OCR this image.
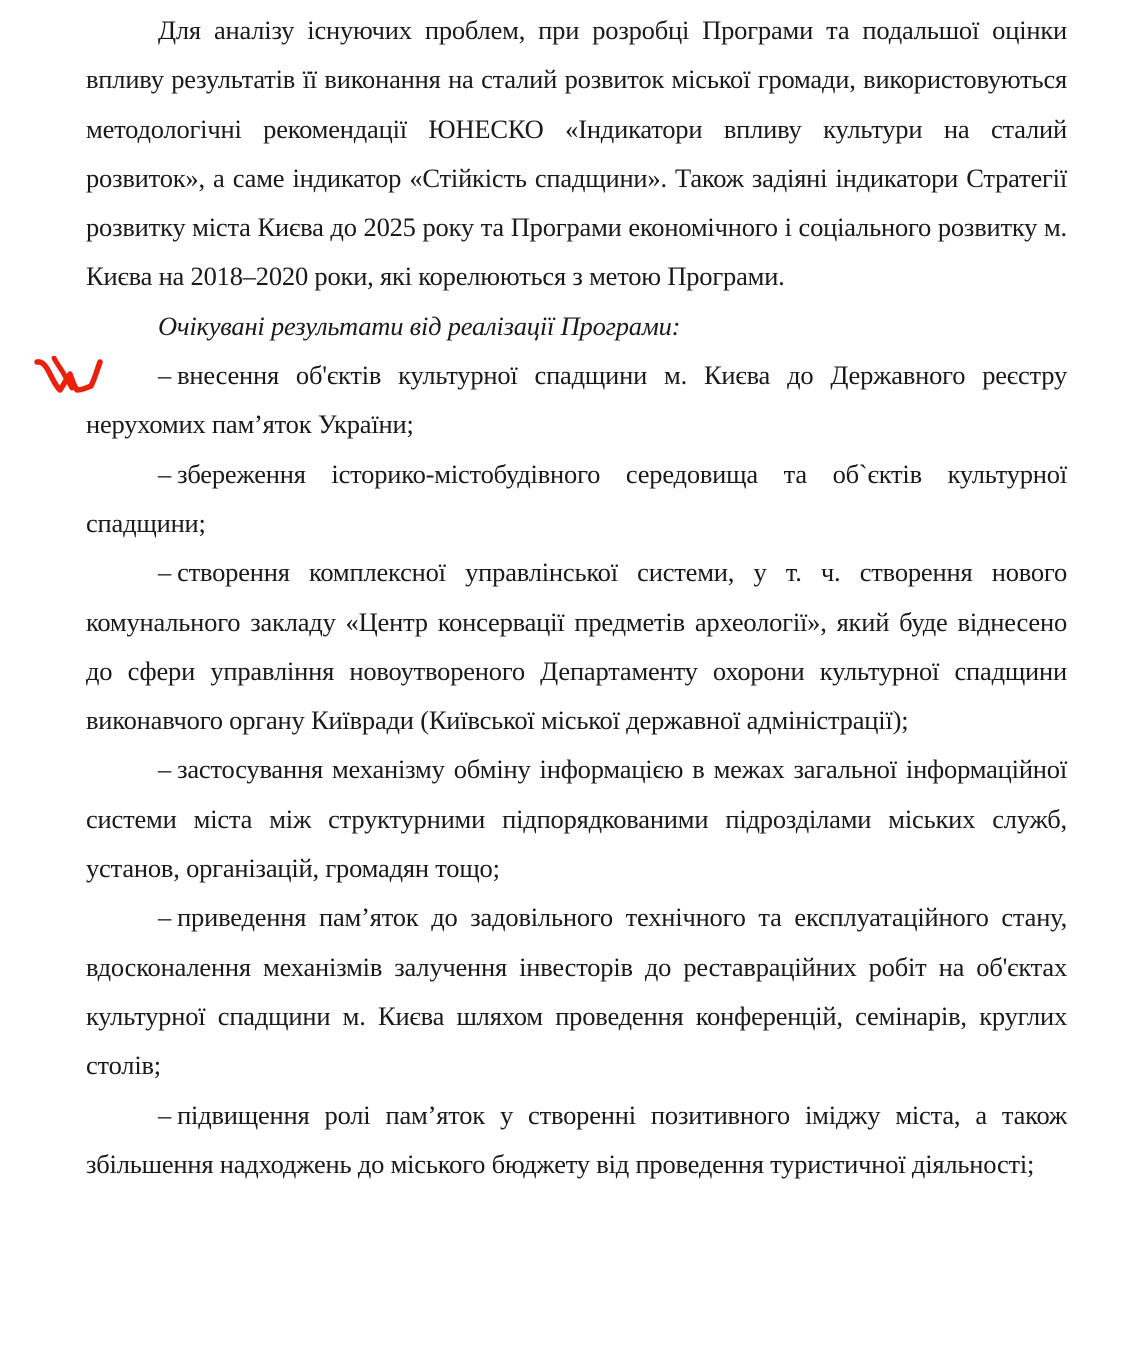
Для аналізу існуючих проблем, при розробці Програми та подальшої оцінки впливу результатів її виконання на сталий розвиток міської громади, використовуються методологічні рекомендації ЮНЕСКО «Індикатори впливу культури на сталий розвиток», а саме індикатор «Стійкість спадщини». Також задіяні індикатори Стратегії розвитку міста Києва до 2025 року та Програми економічного і соціального розвитку м. Києва на 2018–2020 роки, які корелюються з метою Програми.

Очікувані результати від реалізації Програми:

– внесення об'єктів культурної спадщини м. Києва до Державного реєстру нерухомих пам’яток України;
– збереження історико-містобудівного середовища та об`єктів культурної спадщини;
– створення комплексної управлінської системи, у т. ч. створення нового комунального закладу «Центр консервації предметів археології», який буде віднесено до сфери управління новоутвореного Департаменту охорони культурної спадщини виконавчого органу Київради (Київської міської державної адміністрації);
– застосування механізму обміну інформацією в межах загальної інформаційної системи міста між структурними підпорядкованими підрозділами міських служб, установ, організацій, громадян тощо;
– приведення пам’яток до задовільного технічного та експлуатаційного стану, вдосконалення механізмів залучення інвесторів до реставраційних робіт на об'єктах культурної спадщини м. Києва шляхом проведення конференцій, семінарів, круглих столів;
– підвищення ролі пам’яток у створенні позитивного іміджу міста, а також збільшення надходжень до міського бюджету від проведення туристичної діяльності;
